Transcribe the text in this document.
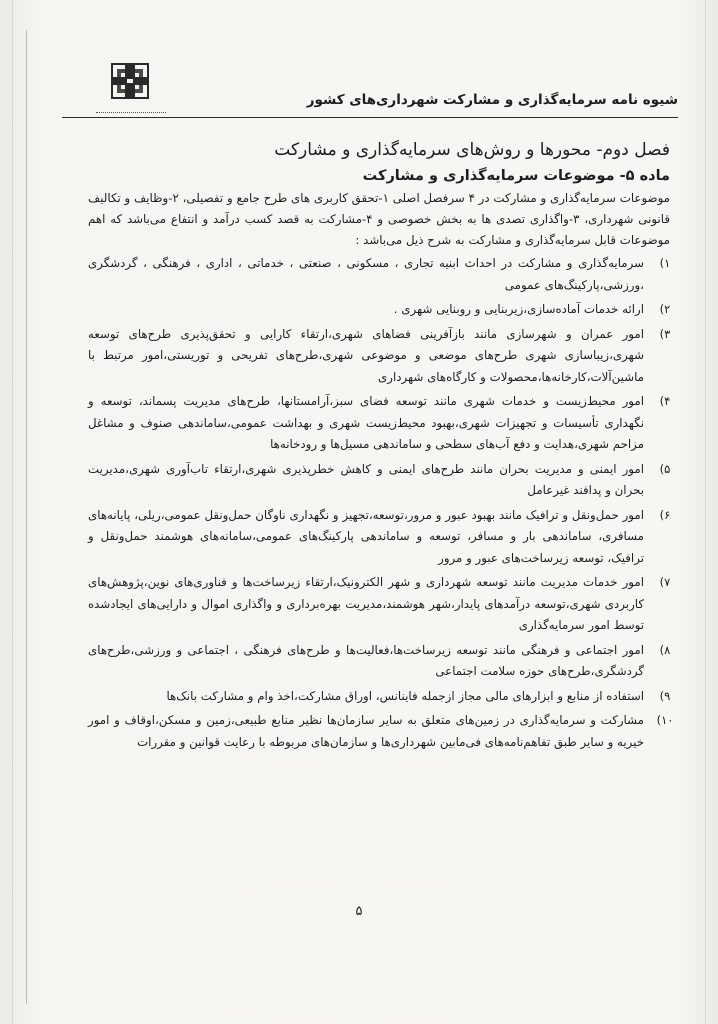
شیوه نامه سرمایه‌گذاری و مشارکت شهرداری‌های کشور
فصل دوم- محورها و روش‌های سرمایه‌گذاری و مشارکت
ماده ۵- موضوعات سرمایه‌گذاری و مشارکت

موضوعات سرمایه‌گذاری و مشارکت در ۴ سرفصل اصلی ۱-تحقق کاربری های طرح جامع و تفصیلی، ۲-وظایف و تکالیف قانونی شهرداری، ۳-واگذاری تصدی ها به بخش خصوصی و ۴-مشارکت به قصد کسب درآمد و انتفاع می‌باشد که اهم موضوعات قابل سرمایه‌گذاری و مشارکت به شرح ذیل می‌باشد :

۱)
سرمایه‌گذاری و مشارکت در احداث ابنیه تجاری ، مسکونی ، صنعتی ، خدماتی ، اداری ، فرهنگی ، گردشگری ،ورزشی،پارکینگ‌های عمومی
۲)
ارائه خدمات آماده‌سازی،زیربنایی و روبنایی شهری .
۳)
امور عمران و شهرسازی مانند بازآفرینی فضاهای شهری،ارتقاء کارایی و تحقق‌پذیری طرح‌های توسعه شهری،زیباسازی شهری طرح‌های موضعی و موضوعی شهری،طرح‌های تفریحی و توریستی،امور مرتبط با ماشین‌آلات،کارخانه‌ها،محصولات و کارگاه‌های شهرداری
۴)
امور محیط‌زیست و خدمات شهری مانند توسعه فضای سبز،آرامستانها، طرح‌های مدیریت پسماند، توسعه و نگهداری تأسیسات و تجهیزات شهری،بهبود محیط‌زیست شهری و بهداشت عمومی،ساماندهی صنوف و مشاغل مزاحم شهری،هدایت و دفع آب‌های سطحی و ساماندهی مسیل‌ها و رودخانه‌ها
۵)
امور ایمنی و مدیریت بحران مانند طرح‌های ایمنی و کاهش خطرپذیری شهری،ارتقاء تاب‌آوری شهری،مدیریت بحران و پدافند غیرعامل
۶)
امور حمل‌ونقل و ترافیک مانند بهبود عبور و مرور،توسعه،تجهیز و نگهداری ناوگان حمل‌ونقل عمومی،ریلی، پایانه‌های مسافری، ساماندهی بار و مسافر، توسعه و ساماندهی پارکینگ‌های عمومی،سامانه‌های هوشمند حمل‌ونقل و ترافیک، توسعه زیرساخت‌های عبور و مرور
۷)
امور خدمات مدیریت مانند توسعه شهرداری و شهر الکترونیک،ارتقاء زیرساخت‌ها و فناوری‌های نوین،پژوهش‌های کاربردی شهری،توسعه درآمدهای پایدار،شهر هوشمند،مدیریت بهره‌برداری و واگذاری اموال و دارایی‌های ایجادشده توسط امور سرمایه‌گذاری
۸)
امور اجتماعی و فرهنگی مانند توسعه زیرساخت‌ها،فعالیت‌ها و طرح‌های فرهنگی ، اجتماعی و ورزشی،طرح‌های گردشگری،طرح‌های حوزه سلامت اجتماعی
۹)
استفاده از منابع و ابزارهای مالی مجاز ازجمله فاینانس، اوراق مشارکت،اخذ وام و مشارکت بانک‌ها
۱۰)
مشارکت و سرمایه‌گذاری در زمین‌های متعلق به سایر سازمان‌ها نظیر منابع طبیعی،زمین و مسکن،اوقاف و امور خیریه و سایر طبق تفاهم‌نامه‌های فی‌مابین شهرداری‌ها و سازمان‌های مربوطه با رعایت قوانین و مقررات
۵
